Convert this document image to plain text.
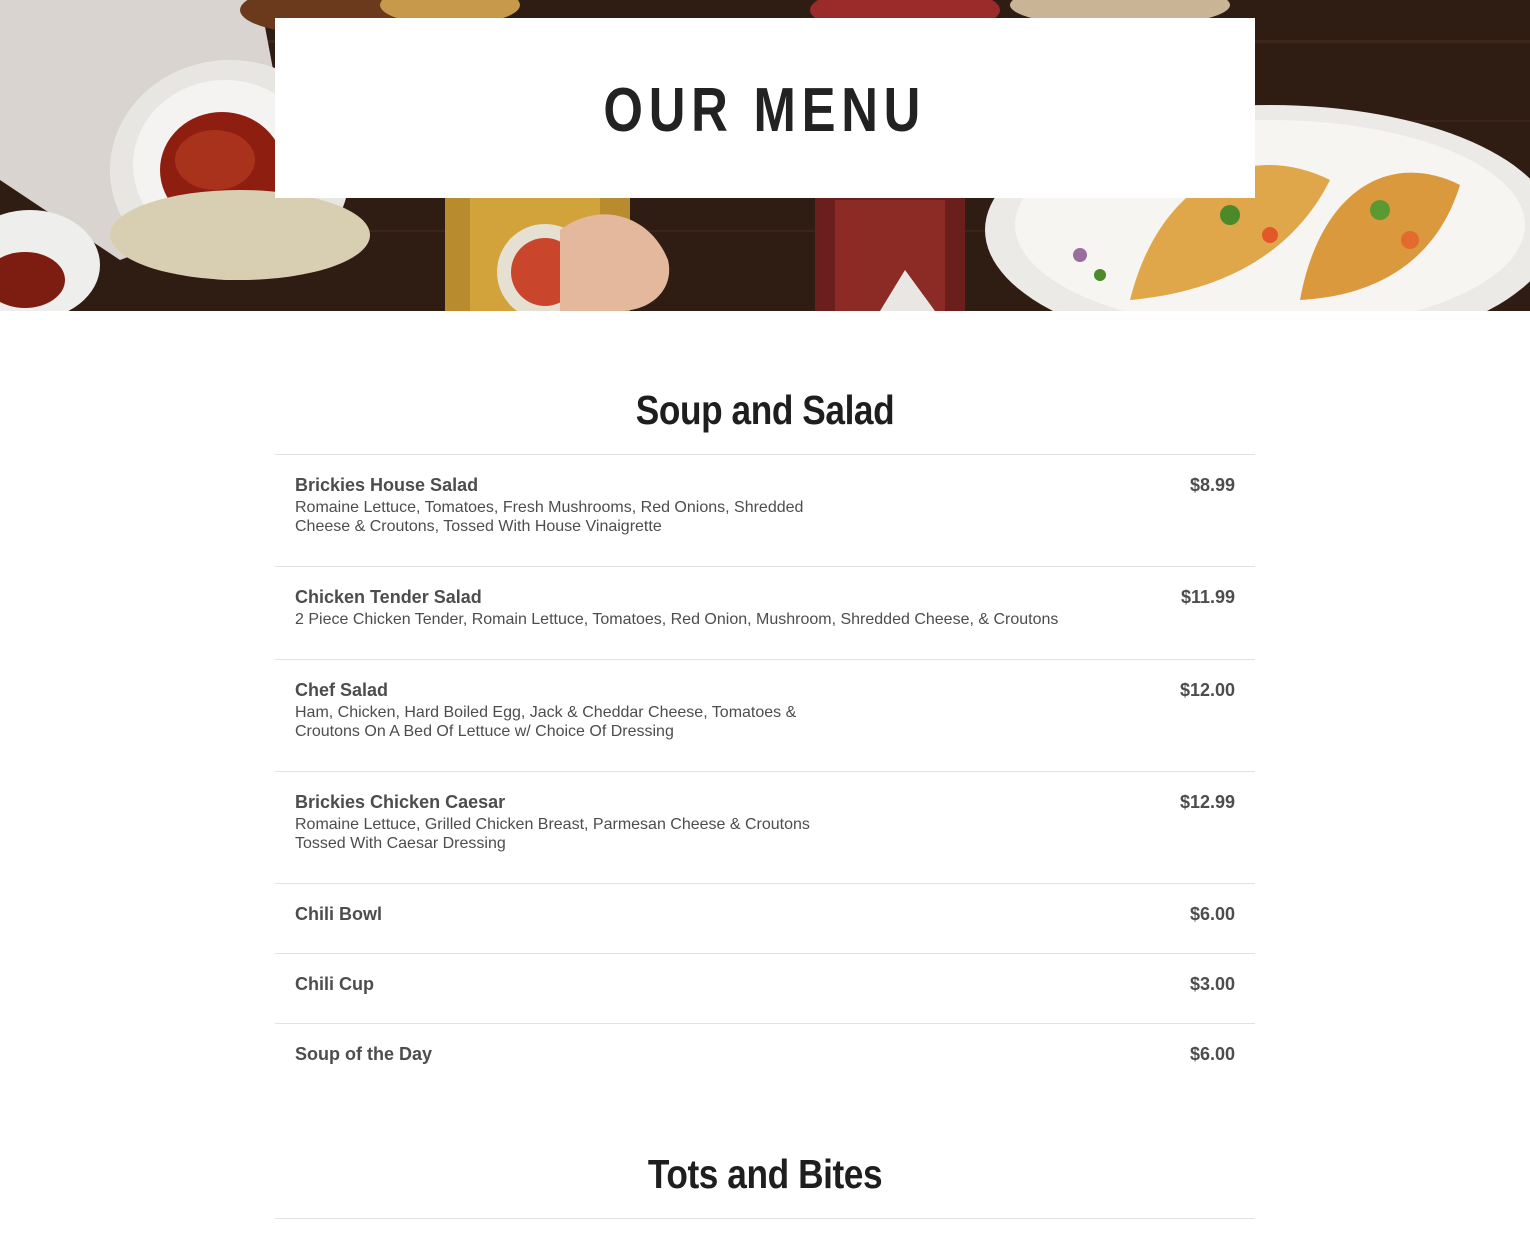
OUR MENU
Soup and Salad
Brickies House Salad	$8.99
Romaine Lettuce, Tomatoes, Fresh Mushrooms, Red Onions, Shredded Cheese & Croutons, Tossed With House Vinaigrette
Chicken Tender Salad	$11.99
2 Piece Chicken Tender, Romain Lettuce, Tomatoes, Red Onion, Mushroom, Shredded Cheese, & Croutons
Chef Salad	$12.00
Ham, Chicken, Hard Boiled Egg, Jack & Cheddar Cheese, Tomatoes & Croutons On A Bed Of Lettuce w/ Choice Of Dressing
Brickies Chicken Caesar	$12.99
Romaine Lettuce, Grilled Chicken Breast, Parmesan Cheese & Croutons Tossed With Caesar Dressing
Chili Bowl	$6.00
Chili Cup	$3.00
Soup of the Day	$6.00
Tots and Bites
